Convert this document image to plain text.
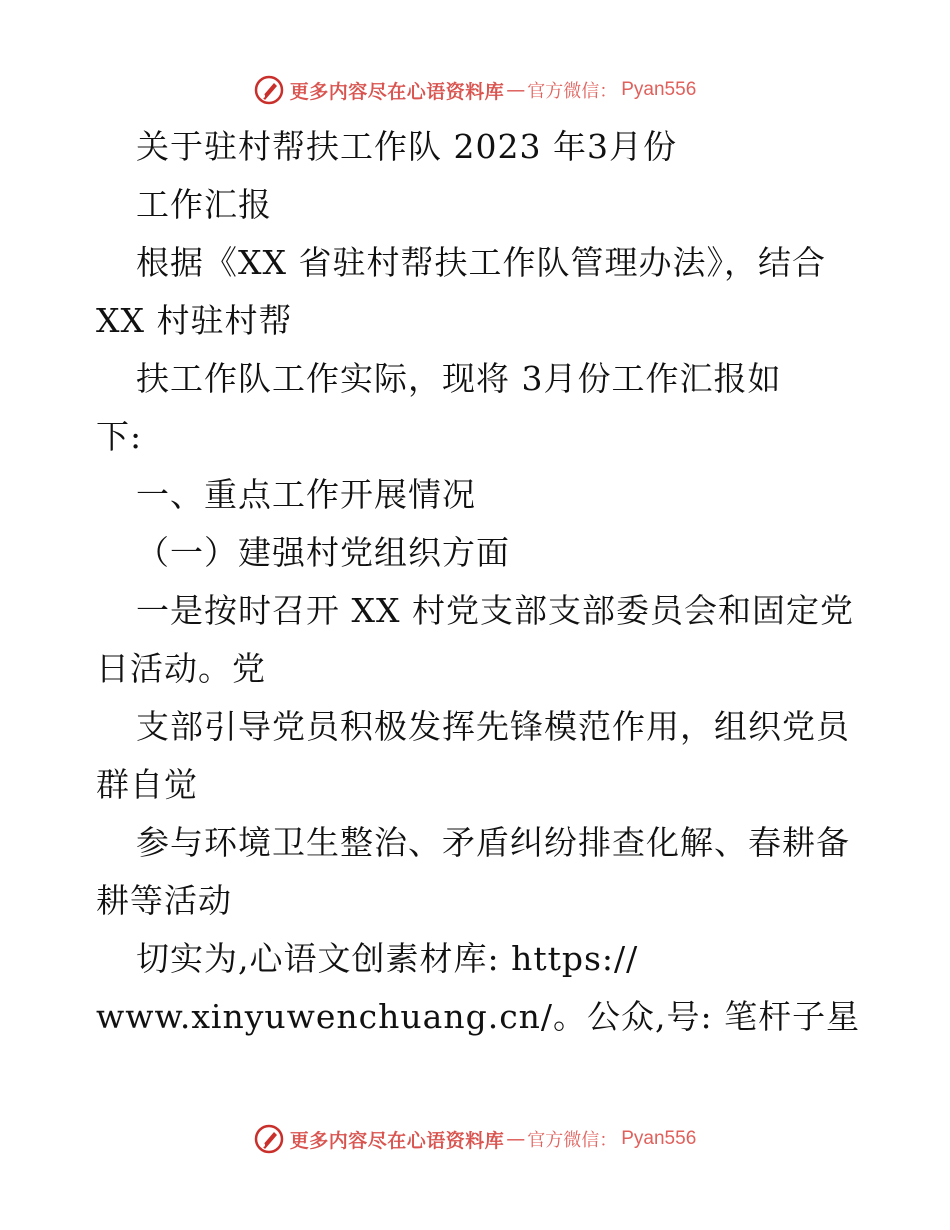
更多内容尽在心语资料库 — 官方微信： Pyan556
关于驻村帮扶工作队 2023 年3月份
工作汇报
根据《XX 省驻村帮扶工作队管理办法》，结合
XX 村驻村帮
扶工作队工作实际，现将 3月份工作汇报如
下:
一、重点工作开展情况
（一）建强村党组织方面
一是按时召开 XX 村党支部支部委员会和固定党
日活动。党
支部引导党员积极发挥先锋模范作用，组织党员
群自觉
参与环境卫生整治、矛盾纠纷排查化解、春耕备
耕等活动
切实为,心语文创素材库: https://
www.xinyuwenchuang.cn/。公众,号: 笔杆子星
更多内容尽在心语资料库 — 官方微信： Pyan556
